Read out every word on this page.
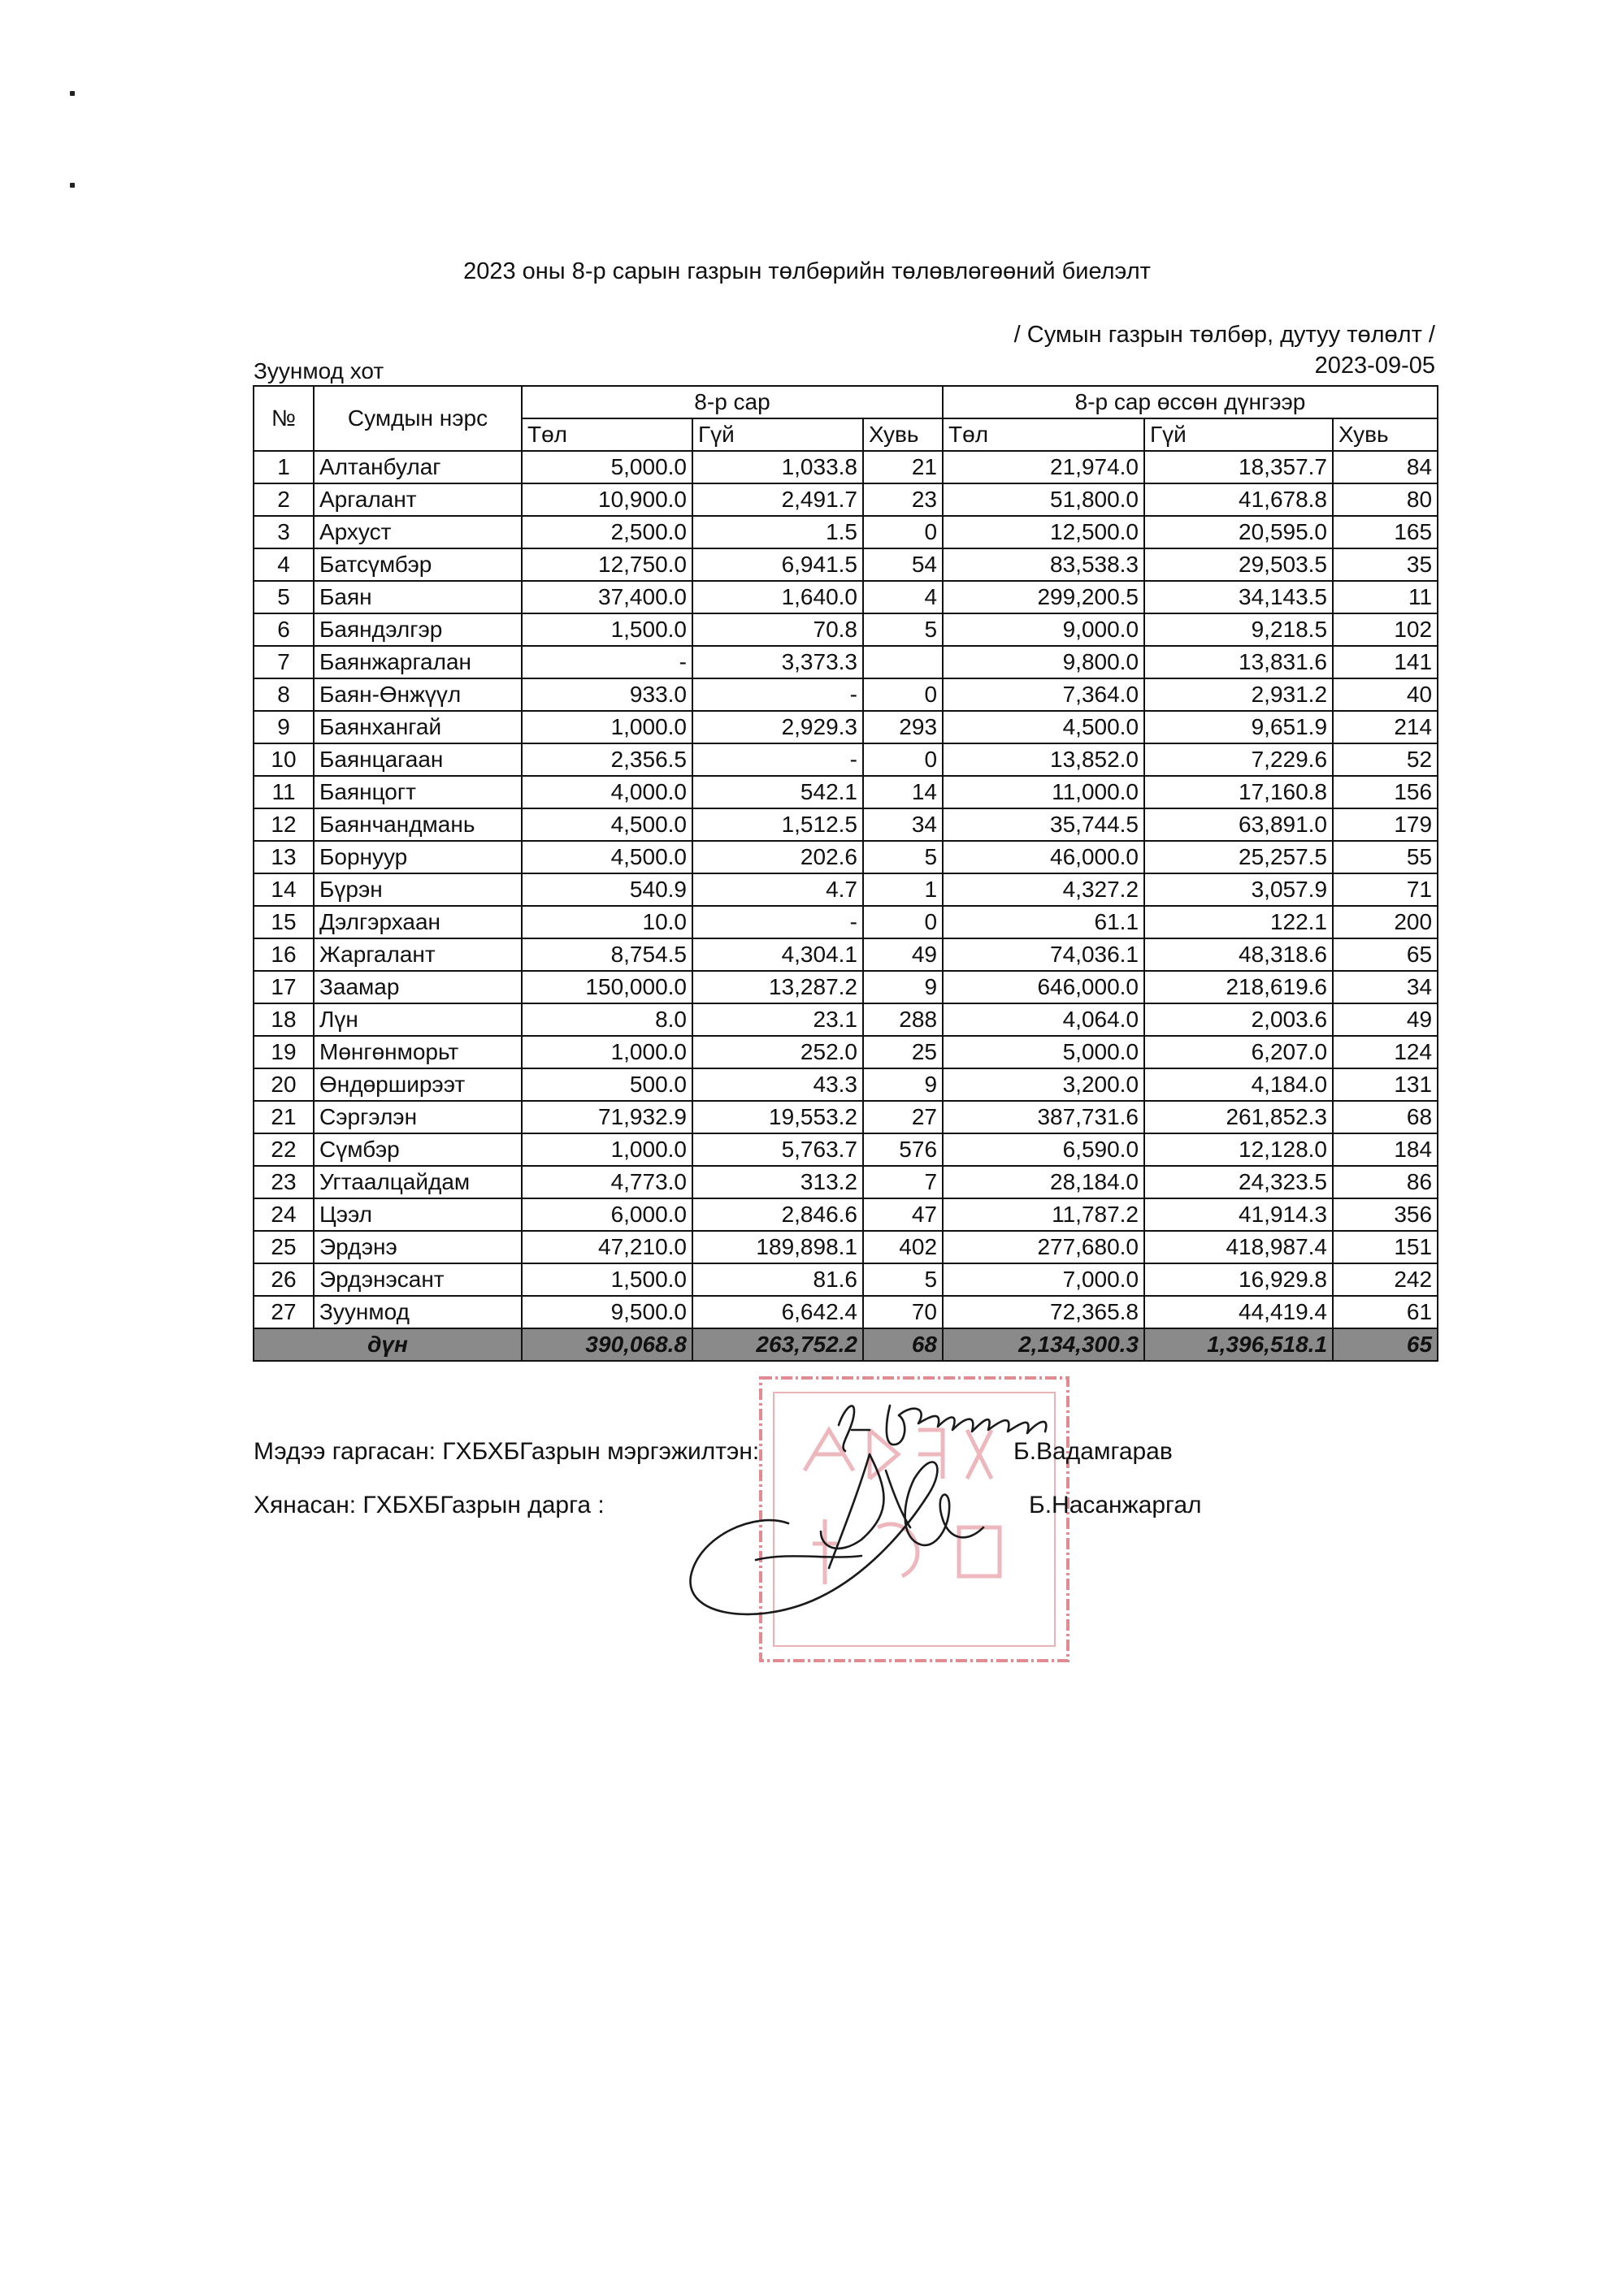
2023 оны 8-р сарын газрын төлбөрийн төлөвлөгөөний биелэлт
/ Сумын газрын төлбөр, дутуу төлөлт /
Зуунмод хот	2023-09-05
№	Сумдын нэрс	8-р сар			8-р сар өссөн дүнгээр		
		Төл	Гүй	Хувь	Төл	Гүй	Хувь
1	Алтанбулаг	5,000.0	1,033.8	21	21,974.0	18,357.7	84
2	Аргалант	10,900.0	2,491.7	23	51,800.0	41,678.8	80
3	Архуст	2,500.0	1.5	0	12,500.0	20,595.0	165
4	Батсүмбэр	12,750.0	6,941.5	54	83,538.3	29,503.5	35
5	Баян	37,400.0	1,640.0	4	299,200.5	34,143.5	11
6	Баяндэлгэр	1,500.0	70.8	5	9,000.0	9,218.5	102
7	Баянжаргалан	-	3,373.3		9,800.0	13,831.6	141
8	Баян-Өнжүүл	933.0	-	0	7,364.0	2,931.2	40
9	Баянхангай	1,000.0	2,929.3	293	4,500.0	9,651.9	214
10	Баянцагаан	2,356.5	-	0	13,852.0	7,229.6	52
11	Баянцогт	4,000.0	542.1	14	11,000.0	17,160.8	156
12	Баянчандмань	4,500.0	1,512.5	34	35,744.5	63,891.0	179
13	Борнуур	4,500.0	202.6	5	46,000.0	25,257.5	55
14	Бүрэн	540.9	4.7	1	4,327.2	3,057.9	71
15	Дэлгэрхаан	10.0	-	0	61.1	122.1	200
16	Жаргалант	8,754.5	4,304.1	49	74,036.1	48,318.6	65
17	Заамар	150,000.0	13,287.2	9	646,000.0	218,619.6	34
18	Лүн	8.0	23.1	288	4,064.0	2,003.6	49
19	Мөнгөнморьт	1,000.0	252.0	25	5,000.0	6,207.0	124
20	Өндөрширээт	500.0	43.3	9	3,200.0	4,184.0	131
21	Сэргэлэн	71,932.9	19,553.2	27	387,731.6	261,852.3	68
22	Сүмбэр	1,000.0	5,763.7	576	6,590.0	12,128.0	184
23	Угтаалцайдам	4,773.0	313.2	7	28,184.0	24,323.5	86
24	Цээл	6,000.0	2,846.6	47	11,787.2	41,914.3	356
25	Эрдэнэ	47,210.0	189,898.1	402	277,680.0	418,987.4	151
26	Эрдэнэсант	1,500.0	81.6	5	7,000.0	16,929.8	242
27	Зуунмод	9,500.0	6,642.4	70	72,365.8	44,419.4	61
дүн		390,068.8	263,752.2	68	2,134,300.3	1,396,518.1	65
Мэдээ гаргасан: ГХБХБГазрын мэргэжилтэн:	Б.Вадамгарав
Хянасан: ГХБХБГазрын дарга :	Б.Насанжаргал
